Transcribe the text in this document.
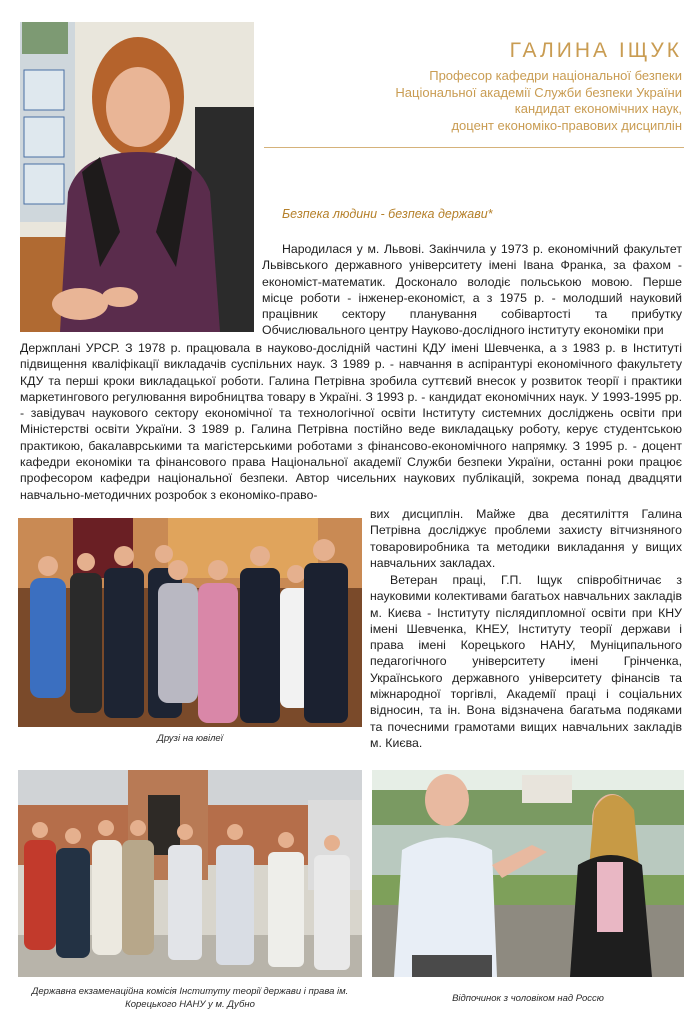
ГАЛИНА ІЩУК
Професор кафедри національної безпеки
Національної академії Служби безпеки України
кандидат економічних наук,
доцент економіко-правових дисциплін
Безпека людини - безпека держави*
Народилася у м. Львові. Закінчила у 1973 р. економічний факультет Львівського державного університету імені Івана Франка, за фахом - економіст-математик. Досконало володіє польською мовою. Перше місце роботи - інженер-економіст, а з 1975 р. - молодший науковий працівник сектору планування собівартості та прибутку Обчислювального центру Науково-дослідного інституту економіки при
Держплані УРСР. З 1978 р. працювала в науково-дослідній частині КДУ імені Шевченка, а з 1983 р. в Інституті підвищення кваліфікації викладачів суспільних наук. З 1989 р. - навчання в аспірантурі економічного факультету КДУ та перші кроки викладацької роботи. Галина Петрівна зробила суттєвий внесок у розвиток теорії і практики маркетингового регулювання виробництва товару в Україні. З 1993 р. - кандидат економічних наук. У 1993-1995 рр. - завідувач наукового сектору економічної та технологічної освіти Інституту системних досліджень освіти при Міністерстві освіти України. З 1989 р. Галина Петрівна постійно веде викладацьку роботу, керує студентською практикою, бакалаврськими та магістерськими роботами з фінансово-економічного напрямку. З 1995 р. - доцент кафедри економіки та фінансового права Національної академії Служби безпеки України, останні роки працює професором кафедри національної безпеки. Автор чисельних наукових публікацій, зокрема понад двадцяти навчально-методичних розробок з економіко-право-
вих дисциплін. Майже два десятиліття Галина Петрівна досліджує проблеми захисту вітчизняного товаровиробника та методики викладання у вищих навчальних закладах.
Ветеран праці, Г.П. Іщук співробітничає з науковими колективами багатьох навчальних закладів м. Києва - Інституту післядипломної освіти при КНУ імені Шевченка, КНЕУ, Інституту теорії держави і права імені Корецького НАНУ, Муніципального педагогічного університету імені Грінченка, Українського державного університету фінансів та міжнародної торгівлі, Академії праці і соціальних відносин, та ін. Вона відзначена багатьма подяками та почесними грамотами вищих навчальних закладів м. Києва.
Друзі на ювілеї
Державна екзаменаційна комісія Інституту теорії держави і права ім. Корецького НАНУ у м. Дубно
Відпочинок з чоловіком над Россю
